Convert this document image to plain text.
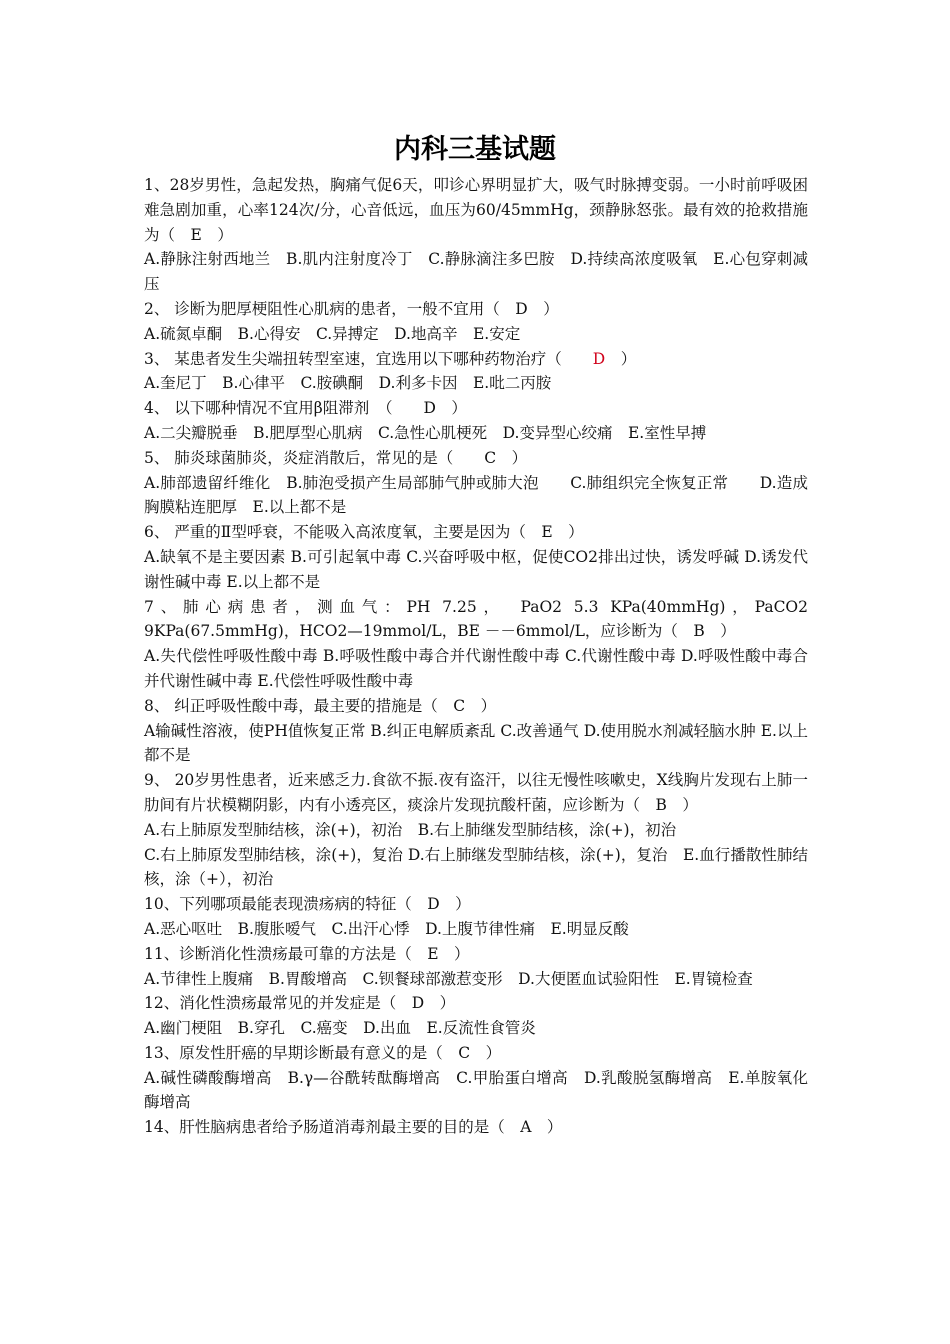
内科三基试题

1、28岁男性，急起发热，胸痛气促6天，叩诊心界明显扩大，吸气时脉搏变弱。一小时前呼吸困难急剧加重，心率124次/分，心音低远，血压为60/45mmHg，颈静脉怒张。最有效的抢救措施为（　E　）

A.静脉注射西地兰　B.肌内注射度冷丁　C.静脉滴注多巴胺　D.持续高浓度吸氧　E.心包穿刺减压

2、 诊断为肥厚梗阻性心肌病的患者，一般不宜用（　D　）

A.硫氮卓酮　B.心得安　C.异搏定　D.地高辛　E.安定

3、 某患者发生尖端扭转型室速，宜选用以下哪种药物治疗（　　D　）

A.奎尼丁　B.心律平　C.胺碘酮　D.利多卡因　E.吡二丙胺

4、 以下哪种情况不宜用β阻滞剂　（　　D　）

A.二尖瓣脱垂　B.肥厚型心肌病　C.急性心肌梗死　D.变异型心绞痛　E.室性早搏

5、 肺炎球菌肺炎，炎症消散后，常见的是（　　C　）

A.肺部遗留纤维化　B.肺泡受损产生局部肺气肿或肺大泡　　C.肺组织完全恢复正常　　D.造成胸膜粘连肥厚　E.以上都不是

6、 严重的Ⅱ型呼衰，不能吸入高浓度氧，主要是因为（　E　）

A.缺氧不是主要因素 B.可引起氧中毒 C.兴奋呼吸中枢，促使CO2排出过快，诱发呼碱 D.诱发代谢性碱中毒 E.以上都不是

7、肺心病患者，测血气：PH 7.25，　PaO2 5.3 KPa(40mmHg)，PaCO2 9KPa(67.5mmHg)，HCO2—19mmol/L，BE －－6mmol/L，应诊断为（　B　）

A.失代偿性呼吸性酸中毒 B.呼吸性酸中毒合并代谢性酸中毒 C.代谢性酸中毒 D.呼吸性酸中毒合并代谢性碱中毒 E.代偿性呼吸性酸中毒

8、 纠正呼吸性酸中毒，最主要的措施是（　C　）

A输碱性溶液，使PH值恢复正常 B.纠正电解质紊乱 C.改善通气 D.使用脱水剂减轻脑水肿 E.以上都不是

9、 20岁男性患者，近来感乏力.食欲不振.夜有盗汗，以往无慢性咳嗽史，X线胸片发现右上肺一肋间有片状模糊阴影，内有小透亮区，痰涂片发现抗酸杆菌，应诊断为（　B　）

A.右上肺原发型肺结核，涂(+)，初治　B.右上肺继发型肺结核，涂(+)，初治

C.右上肺原发型肺结核，涂(+)，复治 D.右上肺继发型肺结核，涂(+)，复治　E.血行播散性肺结核，涂（+），初治

10、下列哪项最能表现溃疡病的特征（　D　）

A.恶心呕吐　B.腹胀嗳气　C.出汗心悸　D.上腹节律性痛　E.明显反酸

11、诊断消化性溃疡最可靠的方法是（　E　）

A.节律性上腹痛　B.胃酸增高　C.钡餐球部激惹变形　D.大便匿血试验阳性　E.胃镜检查

12、消化性溃疡最常见的并发症是（　D　）

A.幽门梗阻　B.穿孔　C.癌变　D.出血　E.反流性食管炎

13、原发性肝癌的早期诊断最有意义的是（　C　）

A.碱性磷酸酶增高　B.γ—谷酰转酞酶增高　C.甲胎蛋白增高　D.乳酸脱氢酶增高　E.单胺氧化酶增高

14、肝性脑病患者给予肠道消毒剂最主要的目的是（　A　）
